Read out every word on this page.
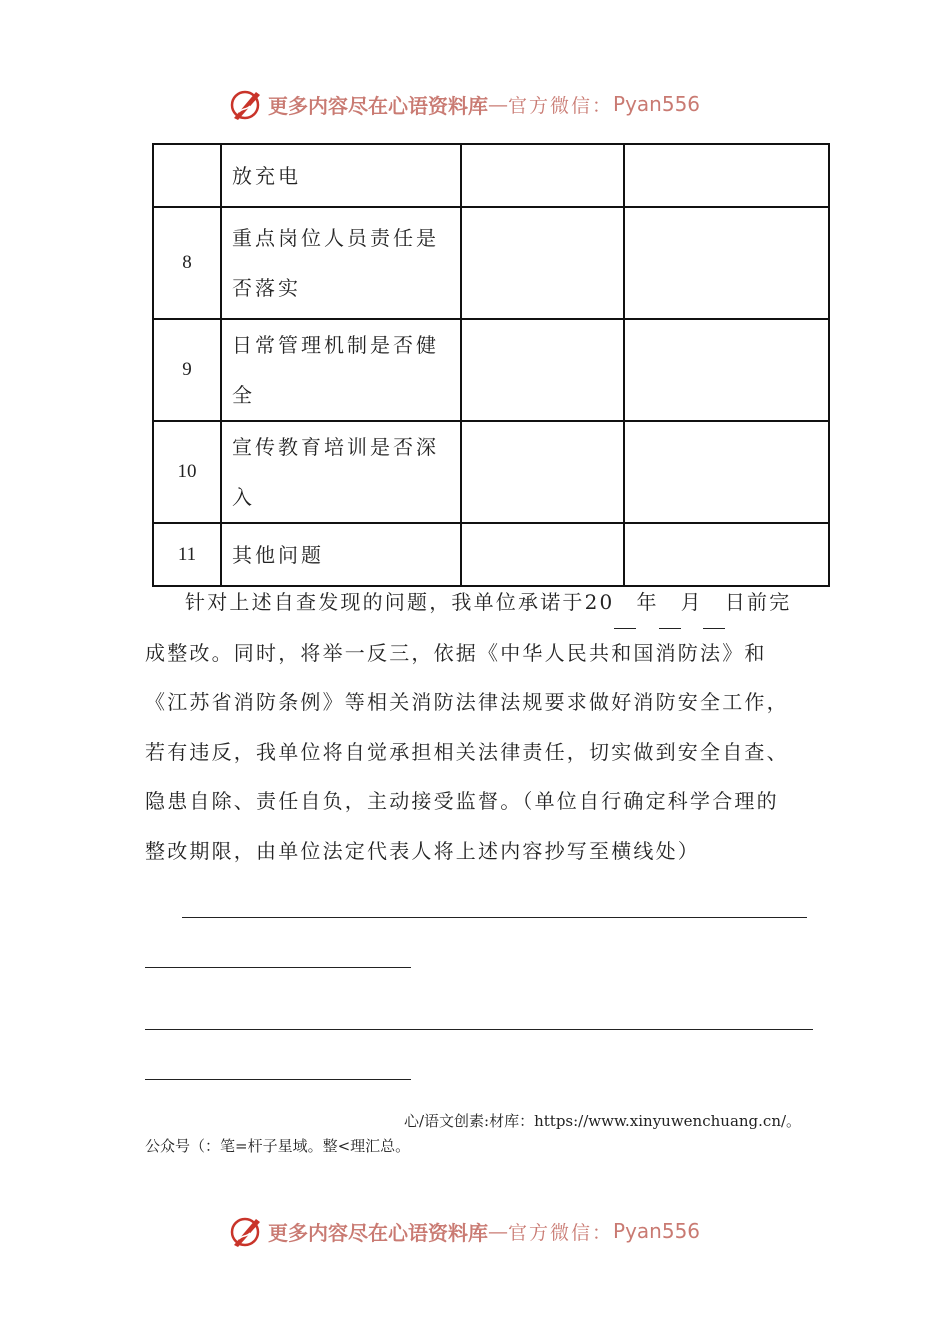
更多内容尽在心语资料库 — 官方微信： Pyan556
	放充电		
8	重点岗位人员责任是否落实		
9	日常管理机制是否健全		
10	宣传教育培训是否深入		
11	其他问题		

针对上述自查发现的问题，我单位承诺于20 年 月 日前完成整改。同时，将举一反三，依据《中华人民共和国消防法》和《江苏省消防条例》等相关消防法律法规要求做好消防安全工作，若有违反，我单位将自觉承担相关法律责任，切实做到安全自查、隐患自除、责任自负，主动接受监督。（单位自行确定科学合理的整改期限，由单位法定代表人将上述内容抄写至横线处）

心/语文创素:材库：https://www.xinyuwenchuang.cn/。
公众号（：笔=杆子星域。整<理汇总。
更多内容尽在心语资料库 — 官方微信： Pyan556
